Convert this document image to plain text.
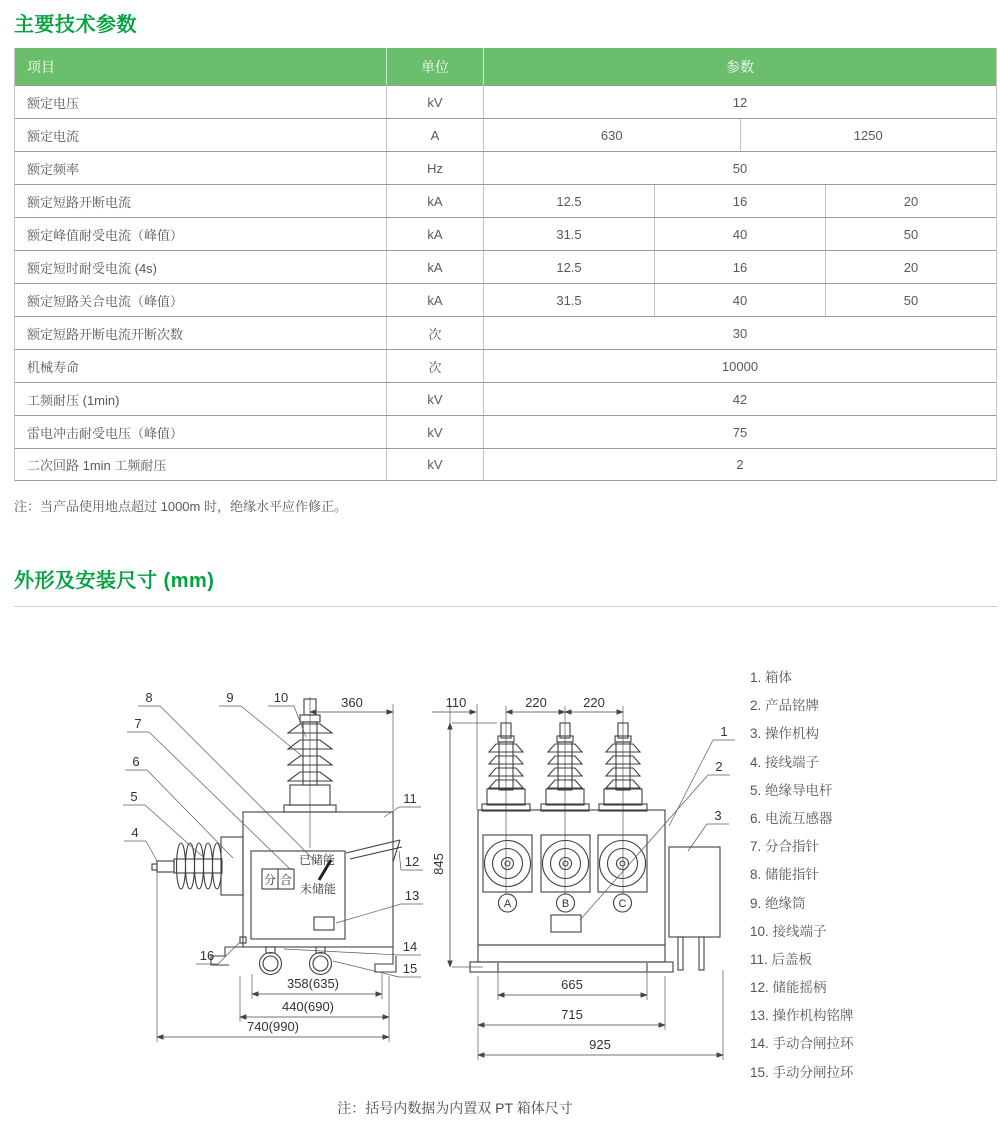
主要技术参数
项目	单位	参数
额定电压	kV	12
额定电流	A	630	1250
额定频率	Hz	50
额定短路开断电流	kA	12.5	16	20
额定峰值耐受电流（峰值）	kA	31.5	40	50
额定短时耐受电流 (4s)	kA	12.5	16	20
额定短路关合电流（峰值）	kA	31.5	40	50
额定短路开断电流开断次数	次	30
机械寿命	次	10000
工频耐压 (1min)	kV	42
雷电冲击耐受电压（峰值）	kV	75
二次回路 1min 工频耐压	kV	2
注：当产品使用地点超过 1000m 时，绝缘水平应作修正。
外形及安装尺寸 (mm)
已储能
未储能
分 合
360
358(635)
440(690)
740(990)
4
5
6
7
8	9	10
11
12
13
14
15
16
A	B	C
110	220	220
845
665
715
925
1
2
3
1. 箱体
2. 产品铭牌
3. 操作机构
4. 接线端子
5. 绝缘导电杆
6. 电流互感器
7. 分合指针
8. 储能指针
9. 绝缘筒
10. 接线端子
11. 后盖板
12. 储能摇柄
13. 操作机构铭牌
14. 手动合闸拉环
15. 手动分闸拉环
注：括号内数据为内置双 PT 箱体尺寸
